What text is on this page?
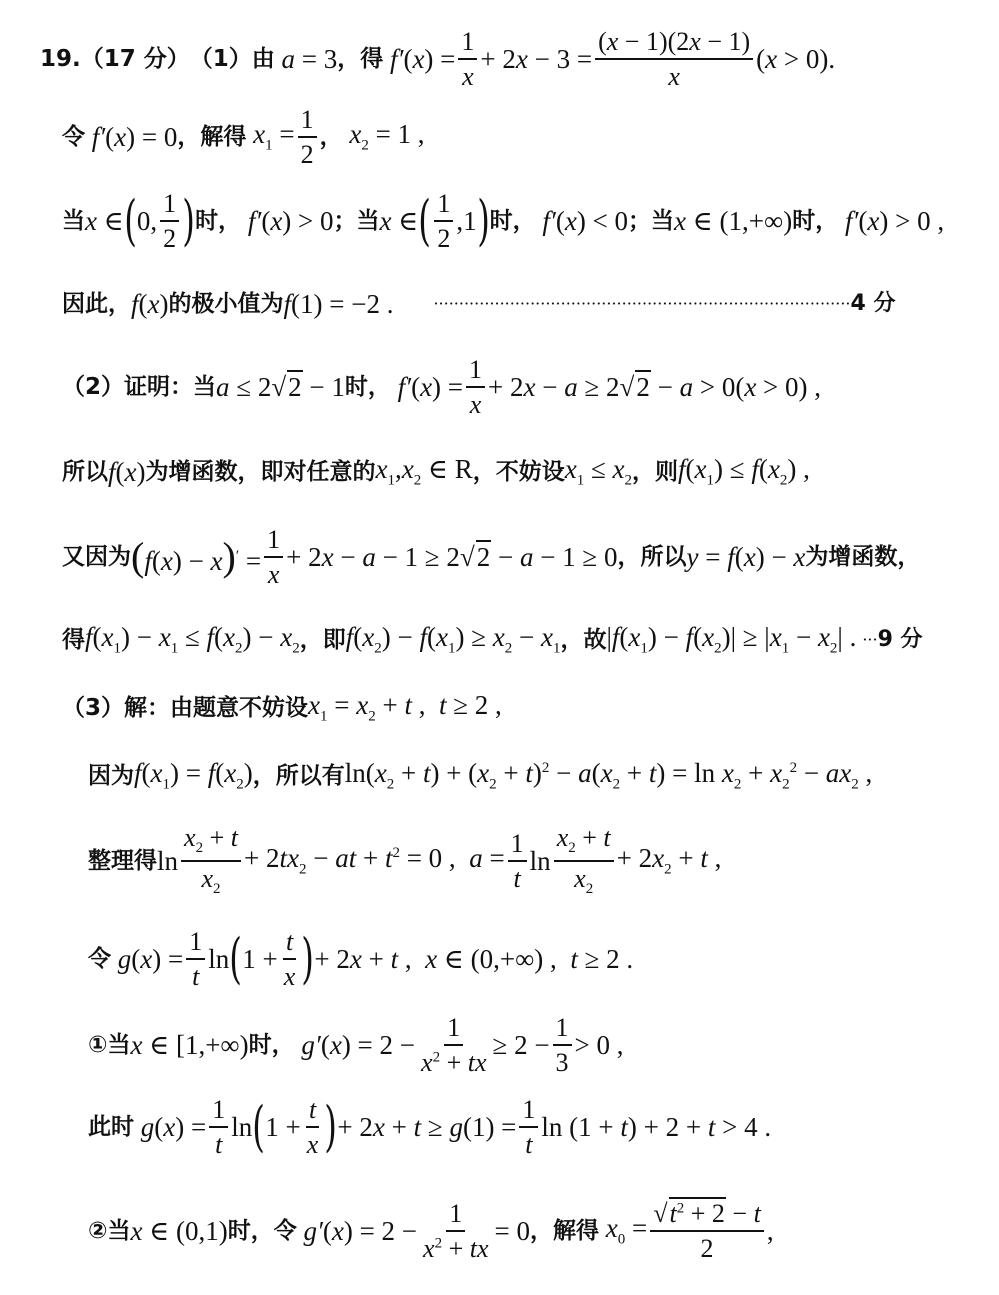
19. （17 分） （1） 由 a = 3 ，得 $f'(x) = \frac{1}{x} + 2x - 3 = \frac{(x - 1)(2x - 1)}{x} (x > 0)$.
令 f′(x) = 0 ，解得 $x_1 = \frac{1}{2}$ ， $x_2 = 1$ ,
当 x ∈ ( 0, $\frac{1}{2}$ ) 时， f′(x) > 0 ；当 x ∈ ( $\frac{1}{2} ,1$ ) 时， f′(x) < 0 ；当 x ∈ (1,+∞) 时， f′(x) > 0 ,
因此， f(x) 的极小值为 f(1) = −2 .	·················································································· 4 分
（2） 证明：当 a ≤ 2√2 − 1 时， $f'(x) = \frac{1}{x} + 2x - a \ge 2√2 - a > 0(x > 0)$ ,
所以 f(x) 为增函数，即对任意的 $x_1,x_2$ ∈ R ，不妨设 $x_1 \le x_2$ ，则 $f(x_1) \le f(x_2)$ ,
又因为 $(f(x) - x)' = \frac{1}{x} + 2x - a - 1 \ge 2√2 - a - 1 \ge 0$ ，所以 y = f(x) − x 为增函数，
得 $f(x_1) - x_1 \le f(x_2) - x_2$ ，即 $f(x_2) - f(x_1) \ge x_2 - x_1$ ，故 $|f(x_1) - f(x_2)| \ge |x_1 - x_2|$ . ··· 9 分
（3） 解：由题意不妨设 $x_1 = x_2 + t$ ,  t ≥ 2 ,
因为 $f(x_1) = f(x_2)$ ，所以有 $\ln(x_2 + t) + (x_2 + t)^2 - a(x_2 + t) = \ln x_2 + x_2^2 - ax_2$ ,
整理得 $\ln \frac{x_2 + t}{x_2} + 2tx_2$ − at + $t^2 = 0$ ,  $a = \frac{1}{t}$ $\ln \frac{x_2 + t}{x_2} + 2x_2 + t$ ,
令 $g(x) = \frac{1}{t}$ ln ( $1 + \frac{t}{x}$ ) + 2x + t ,  x ∈ (0,+∞) ,  t ≥ 2 .
①当 x ∈ [1,+∞) 时， $g'(x) = 2 - \frac{1}{x^2 + tx} \ge 2 - \frac{1}{3} > 0$ ,
此时 $g(x) = \frac{1}{t}$ ln ( $1 + \frac{t}{x}$ ) + $2x + t \ge g(1) = \frac{1}{t}$ ln (1 + t) + 2 + t > 4 .
②当 x ∈ (0,1) 时，令 $g'(x) = 2 - \frac{1}{x^2 + tx} = 0$ ，解得 $x_0 = \frac{√t^2 + 2 - t}{2}$ ,
